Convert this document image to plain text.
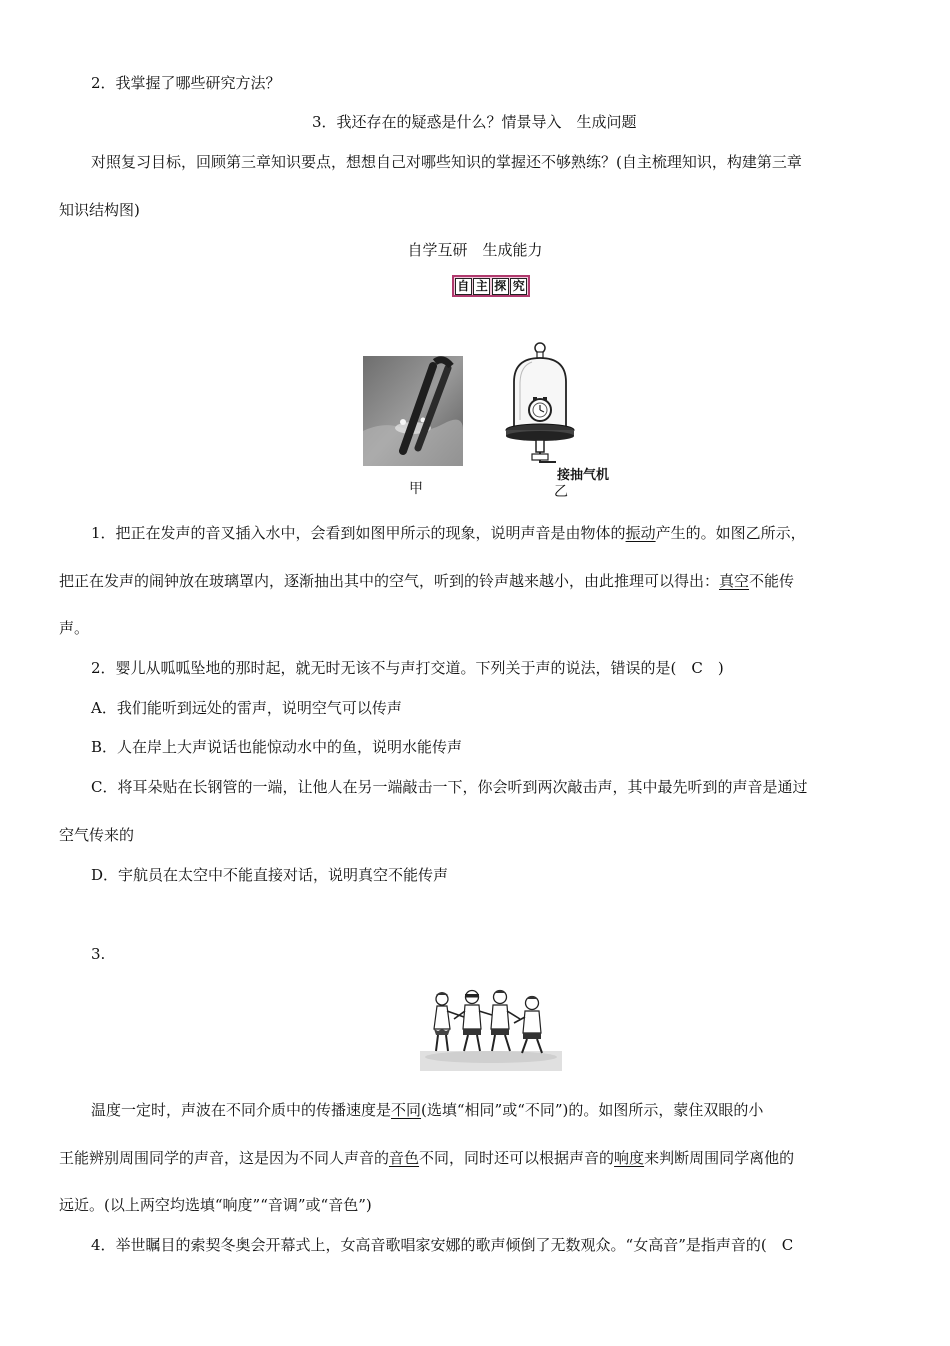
2．我掌握了哪些研究方法？
3．我还存在的疑惑是什么？情景导入　生成问题
对照复习目标，回顾第三章知识要点，想想自己对哪些知识的掌握还不够熟练？(自主梳理知识，构建第三章
知识结构图)
自学互研　生成能力
自 主 探 究
甲
接抽气机
乙
1．把正在发声的音叉插入水中，会看到如图甲所示的现象，说明声音是由物体的振动产生的。如图乙所示，
把正在发声的闹钟放在玻璃罩内，逐渐抽出其中的空气，听到的铃声越来越小，由此推理可以得出：真空不能传
声。
2．婴儿从呱呱坠地的那时起，就无时无该不与声打交道。下列关于声的说法，错误的是(　C　)
A．我们能听到远处的雷声，说明空气可以传声
B．人在岸上大声说话也能惊动水中的鱼，说明水能传声
C．将耳朵贴在长钢管的一端，让他人在另一端敲击一下，你会听到两次敲击声，其中最先听到的声音是通过
空气传来的
D．宇航员在太空中不能直接对话，说明真空不能传声
3.
温度一定时，声波在不同介质中的传播速度是不同(选填“相同”或“不同”)的。如图所示，蒙住双眼的小
王能辨别周围同学的声音，这是因为不同人声音的音色不同，同时还可以根据声音的响度来判断周围同学离他的
远近。(以上两空均选填“响度”“音调”或“音色”)
4．举世瞩目的索契冬奥会开幕式上，女高音歌唱家安娜的歌声倾倒了无数观众。“女高音”是指声音的(　C
